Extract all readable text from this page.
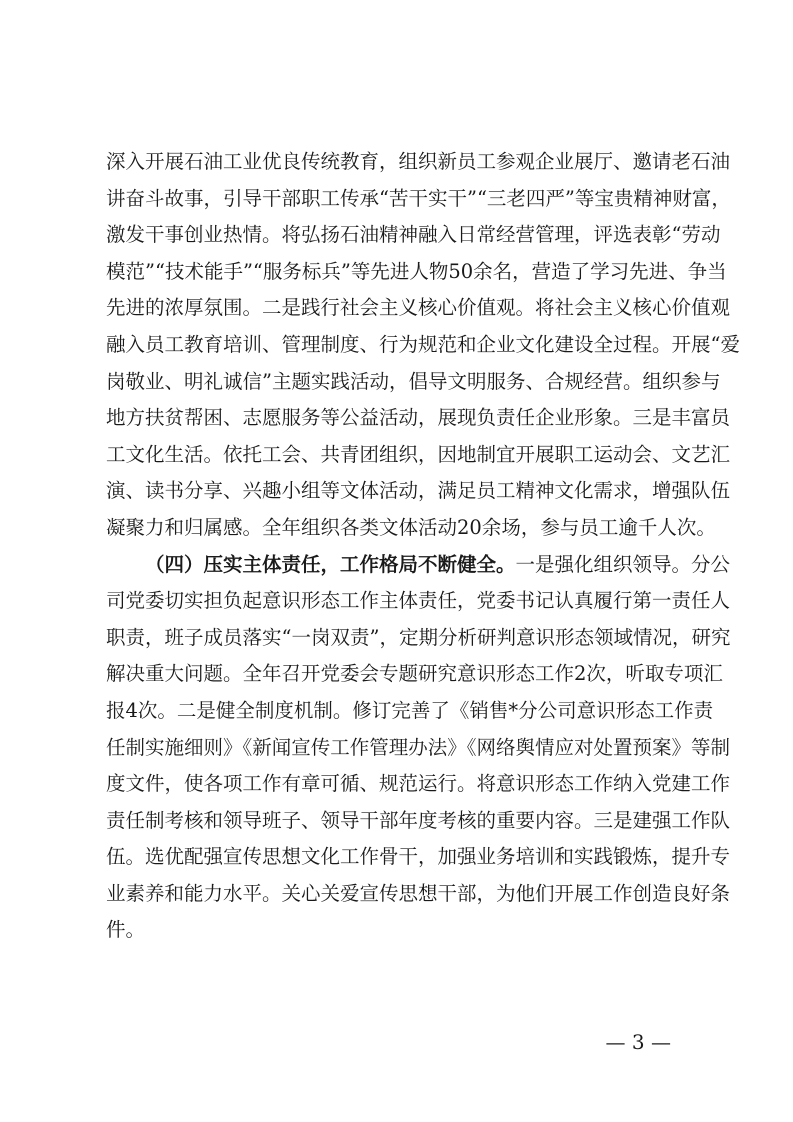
深入开展石油工业优良传统教育，组织新员工参观企业展厅、邀请老石油
讲奋斗故事，引导干部职工传承“苦干实干”“三老四严”等宝贵精神财富，
激发干事创业热情。将弘扬石油精神融入日常经营管理，评选表彰“劳动
模范”“技术能手”“服务标兵”等先进人物50余名，营造了学习先进、争当
先进的浓厚氛围。二是践行社会主义核心价值观。将社会主义核心价值观
融入员工教育培训、管理制度、行为规范和企业文化建设全过程。开展“爱
岗敬业、明礼诚信”主题实践活动，倡导文明服务、合规经营。组织参与
地方扶贫帮困、志愿服务等公益活动，展现负责任企业形象。三是丰富员
工文化生活。依托工会、共青团组织，因地制宜开展职工运动会、文艺汇
演、读书分享、兴趣小组等文体活动，满足员工精神文化需求，增强队伍
凝聚力和归属感。全年组织各类文体活动20余场，参与员工逾千人次。
（四）压实主体责任，工作格局不断健全。一是强化组织领导。分公
司党委切实担负起意识形态工作主体责任，党委书记认真履行第一责任人
职责，班子成员落实“一岗双责”，定期分析研判意识形态领域情况，研究
解决重大问题。全年召开党委会专题研究意识形态工作2次，听取专项汇
报4次。二是健全制度机制。修订完善了《销售*分公司意识形态工作责
任制实施细则》《新闻宣传工作管理办法》《网络舆情应对处置预案》等制
度文件，使各项工作有章可循、规范运行。将意识形态工作纳入党建工作
责任制考核和领导班子、领导干部年度考核的重要内容。三是建强工作队
伍。选优配强宣传思想文化工作骨干，加强业务培训和实践锻炼，提升专
业素养和能力水平。关心关爱宣传思想干部，为他们开展工作创造良好条
件。
— 3 —
